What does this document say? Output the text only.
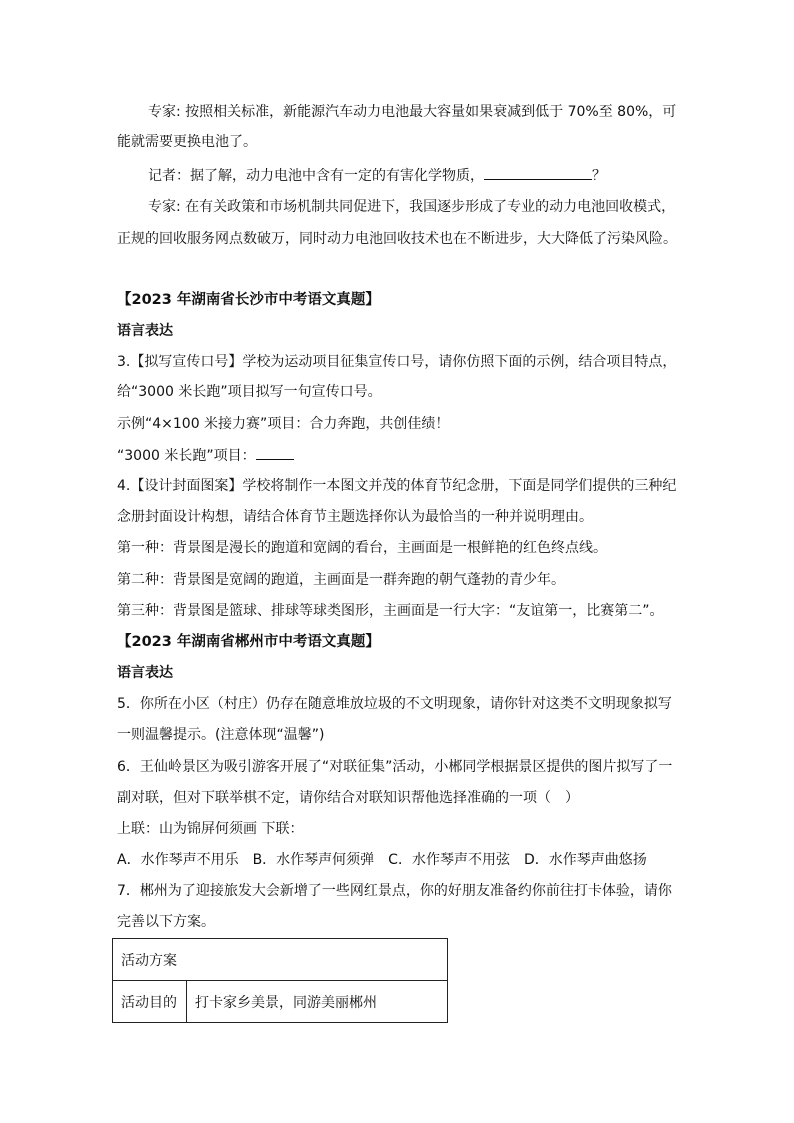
专家: 按照相关标准，新能源汽车动力电池最大容量如果衰减到低于 70%至 80%，可
能就需要更换电池了。
记者：据了解，动力电池中含有一定的有害化学物质，	？
专家: 在有关政策和市场机制共同促进下，我国逐步形成了专业的动力电池回收模式，
正规的回收服务网点数破万，同时动力电池回收技术也在不断进步，大大降低了污染风险。
【2023 年湖南省长沙市中考语文真题】
语言表达
3.【拟写宣传口号】学校为运动项目征集宣传口号，请你仿照下面的示例，结合项目特点，
给“3000 米长跑”项目拟写一句宣传口号。
示例“4×100 米接力赛”项目：合力奔跑，共创佳绩！
“3000 米长跑”项目：
4.【设计封面图案】学校将制作一本图文并茂的体育节纪念册，下面是同学们提供的三种纪
念册封面设计构想，请结合体育节主题选择你认为最恰当的一种并说明理由。
第一种：背景图是漫长的跑道和宽阔的看台，主画面是一根鲜艳的红色终点线。
第二种：背景图是宽阔的跑道，主画面是一群奔跑的朝气蓬勃的青少年。
第三种：背景图是篮球、排球等球类图形，主画面是一行大字：“友谊第一，比赛第二”。
【2023 年湖南省郴州市中考语文真题】
语言表达
5．你所在小区（村庄）仍存在随意堆放垃圾的不文明现象，请你针对这类不文明现象拟写
一则温馨提示。(注意体现“温馨”)
6．王仙岭景区为吸引游客开展了“对联征集”活动，小郴同学根据景区提供的图片拟写了一
副对联，但对下联举棋不定，请你结合对联知识帮他选择准确的一项（　）
上联：山为锦屏何须画 下联：
A．水作琴声不用乐　B．水作琴声何须弹　C．水作琴声不用弦　D．水作琴声曲悠扬
7．郴州为了迎接旅发大会新增了一些网红景点，你的好朋友准备约你前往打卡体验，请你
完善以下方案。
活动方案
活动目的	打卡家乡美景，同游美丽郴州
